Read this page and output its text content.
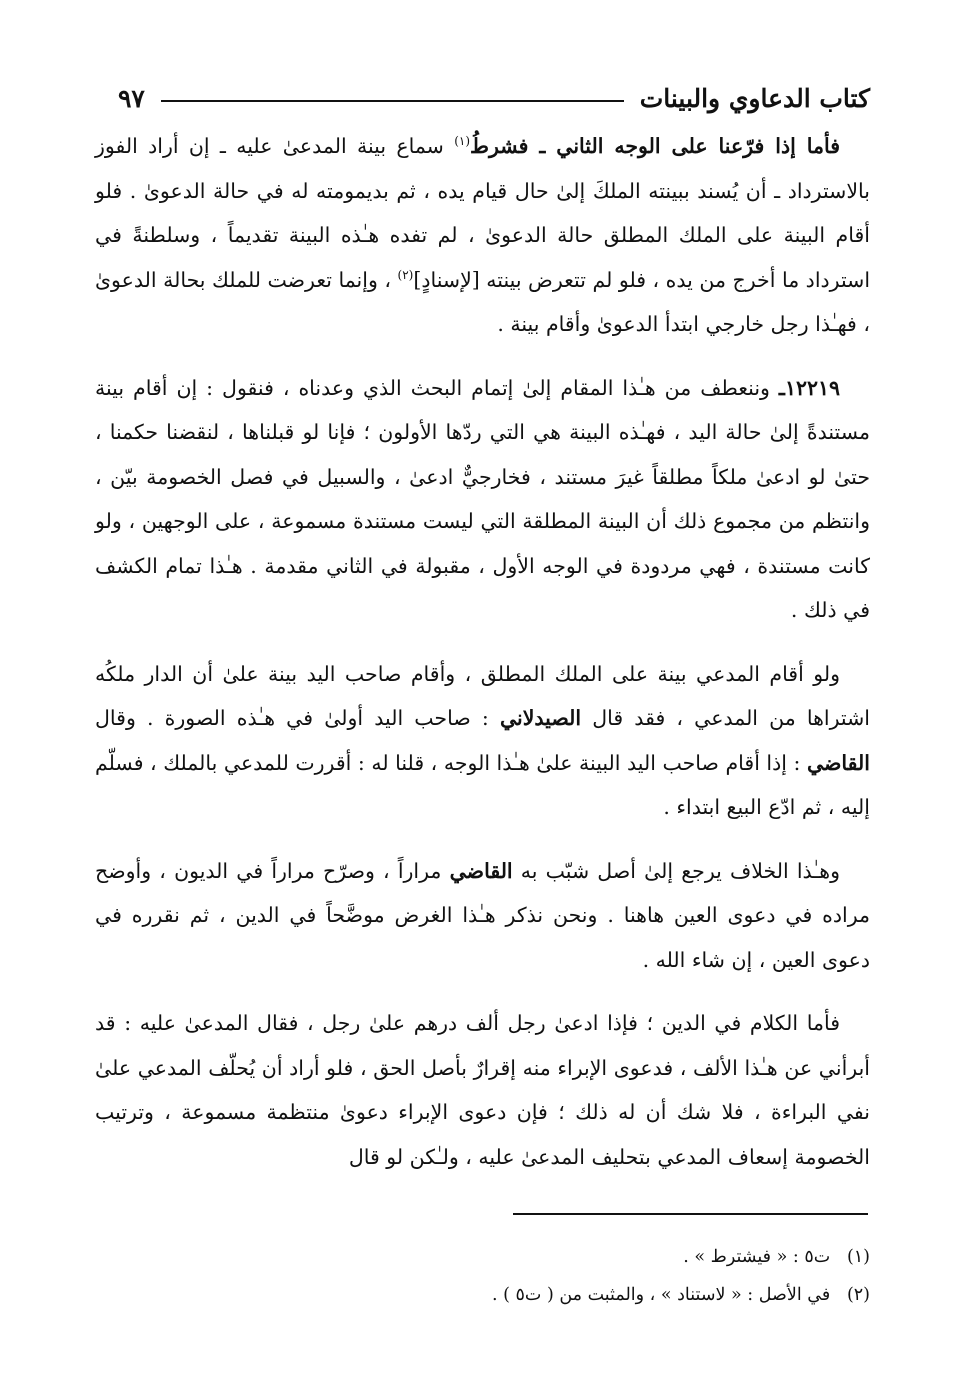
كتاب الدعاوي والبينات
٩٧

فأما إذا فرّعنا على الوجه الثاني ـ فشرطُ$^{(١)}$ سماع بينة المدعىٰ عليه ـ إن أراد الفوز بالاسترداد ـ أن يُسند ببينته الملكَ إلىٰ حال قيام يده ، ثم بديمومته له في حالة الدعوىٰ . فلو أقام البينة على الملك المطلق حالة الدعوىٰ ، لم تفده هـٰذه البينة تقديماً ، وسلطنةً في استرداد ما أخرج من يده ، فلو لم تتعرض بينته [لإسنادٍ]$^{(٢)}$ ، وإنما تعرضت للملك بحالة الدعوىٰ ، فهـٰذا رجل خارجي ابتدأ الدعوىٰ وأقام بينة .

١٢٢١٩ـ وننعطف من هـٰذا المقام إلىٰ إتمام البحث الذي وعدناه ، فنقول : إن أقام بينة مستندةً إلىٰ حالة اليد ، فهـٰذه البينة هي التي ردّها الأولون ؛ فإنا لو قبلناها ، لنقضنا حكمنا ، حتىٰ لو ادعىٰ ملكاً مطلقاً غيرَ مستند ، فخارجيٌّ ادعىٰ ، والسبيل في فصل الخصومة بيّن ، وانتظم من مجموع ذلك أن البينة المطلقة التي ليست مستندة مسموعة ، على الوجهين ، ولو كانت مستندة ، فهي مردودة في الوجه الأول ، مقبولة في الثاني مقدمة . هـٰذا تمام الكشف في ذلك .

ولو أقام المدعي بينة على الملك المطلق ، وأقام صاحب اليد بينة علىٰ أن الدار ملكُه اشتراها من المدعي ، فقد قال الصيدلاني : صاحب اليد أولىٰ في هـٰذه الصورة . وقال القاضي : إذا أقام صاحب اليد البينة علىٰ هـٰذا الوجه ، قلنا له : أقررت للمدعي بالملك ، فسلّم إليه ، ثم ادّع البيع ابتداء .

وهـٰذا الخلاف يرجع إلىٰ أصل شبّب به القاضي مراراً ، وصرّح مراراً في الديون ، وأوضح مراده في دعوى العين هاهنا . ونحن نذكر هـٰذا الغرض موضَّحاً في الدين ، ثم نقرره في دعوى العين ، إن شاء الله .

فأما الكلام في الدين ؛ فإذا ادعىٰ رجل ألف درهم علىٰ رجل ، فقال المدعىٰ عليه : قد أبرأني عن هـٰذا الألف ، فدعوى الإبراء منه إقرارٌ بأصل الحق ، فلو أراد أن يُحلّف المدعي علىٰ نفي البراءة ، فلا شك أن له ذلك ؛ فإن دعوى الإبراء دعوىٰ منتظمة مسموعة ، وترتيب الخصومة إسعاف المدعي بتحليف المدعىٰ عليه ، ولـٰكن لو قال

(١)   ت٥ : « فيشترط » .

(٢)   في الأصل : « لاستناد » ، والمثبت من ( ت٥ ) .
